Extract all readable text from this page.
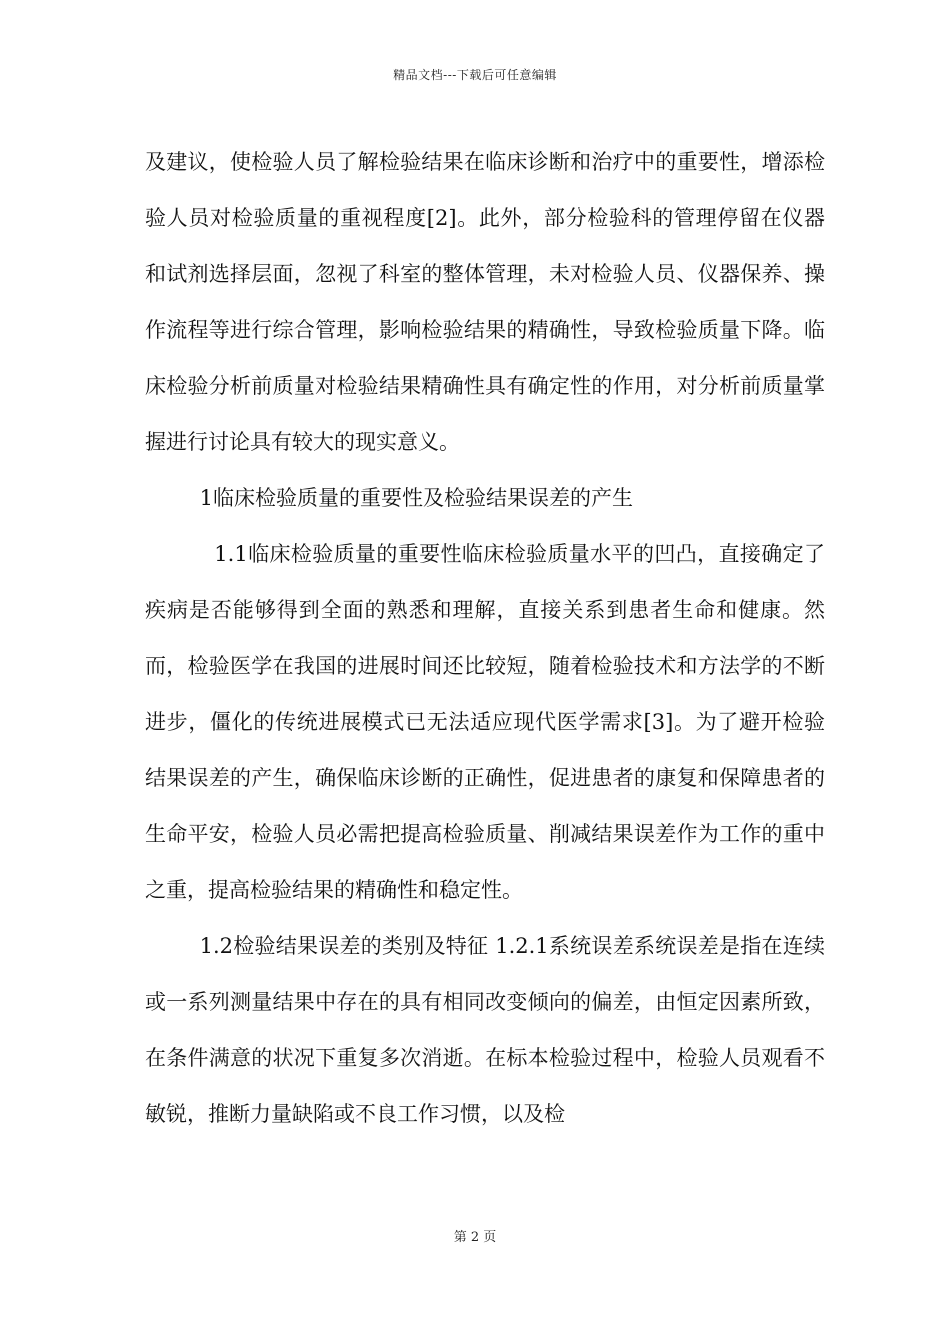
精品文档---下载后可任意编辑

及建议，使检验人员了解检验结果在临床诊断和治疗中的重要性，增添检验人员对检验质量的重视程度[2]。此外，部分检验科的管理停留在仪器和试剂选择层面，忽视了科室的整体管理，未对检验人员、仪器保养、操作流程等进行综合管理，影响检验结果的精确性，导致检验质量下降。临床检验分析前质量对检验结果精确性具有确定性的作用，对分析前质量掌握进行讨论具有较大的现实意义。

1临床检验质量的重要性及检验结果误差的产生

1.1临床检验质量的重要性临床检验质量水平的凹凸，直接确定了疾病是否能够得到全面的熟悉和理解，直接关系到患者生命和健康。然而，检验医学在我国的进展时间还比较短，随着检验技术和方法学的不断进步，僵化的传统进展模式已无法适应现代医学需求[3]。为了避开检验结果误差的产生，确保临床诊断的正确性，促进患者的康复和保障患者的生命平安，检验人员必需把提高检验质量、削减结果误差作为工作的重中之重，提高检验结果的精确性和稳定性。

1.2检验结果误差的类别及特征 1.2.1系统误差系统误差是指在连续或一系列测量结果中存在的具有相同改变倾向的偏差，由恒定因素所致，在条件满意的状况下重复多次消逝。在标本检验过程中，检验人员观看不敏锐，推断力量缺陷或不良工作习惯，以及检

第 2 页
